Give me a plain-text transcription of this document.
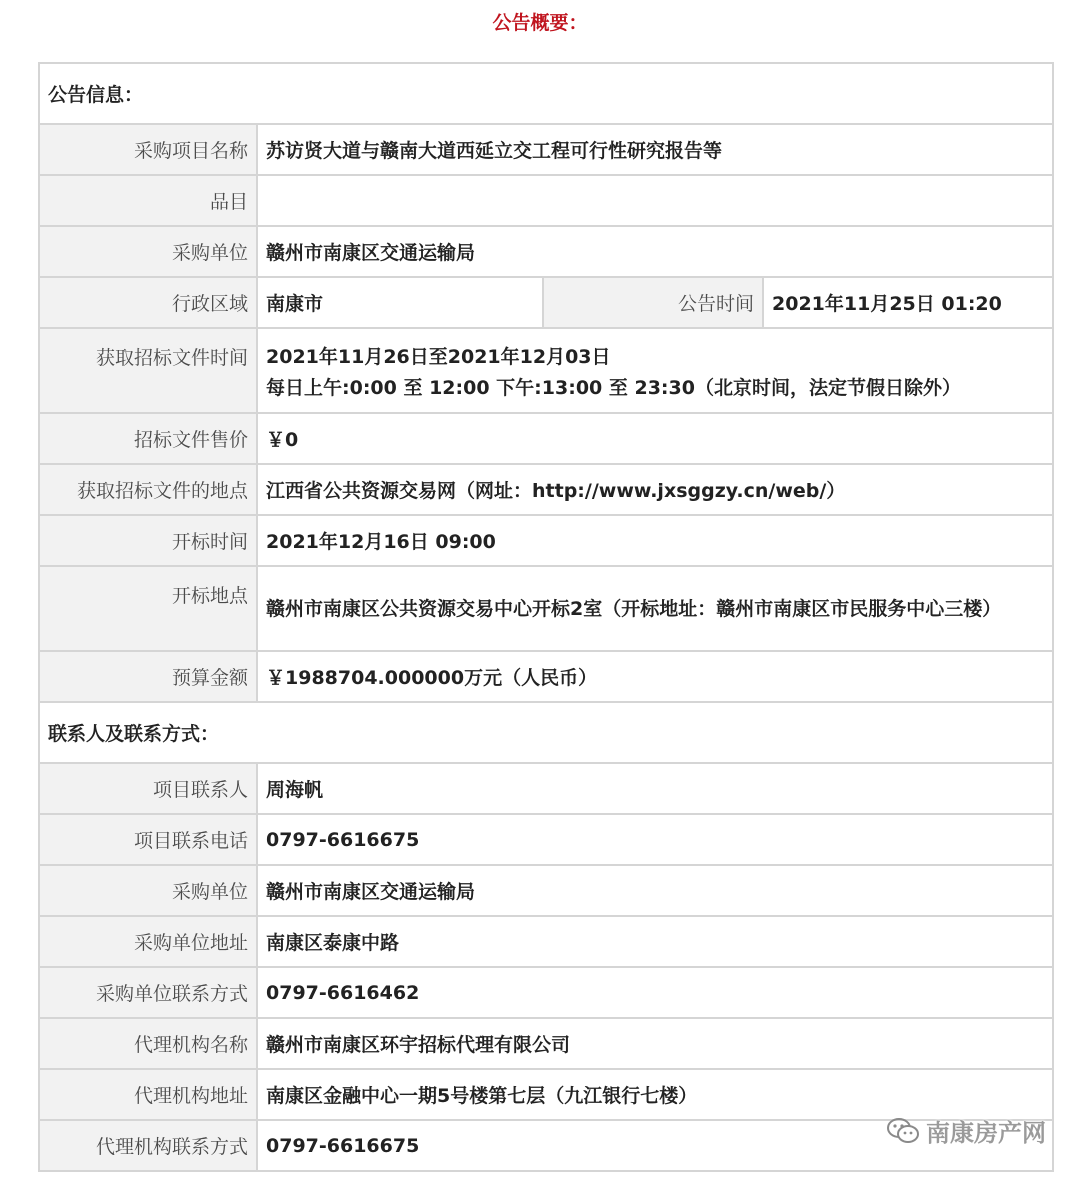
公告概要：
公告信息：			
采购项目名称	苏访贤大道与赣南大道西延立交工程可行性研究报告等		
品目			
采购单位	赣州市南康区交通运输局		
行政区域	南康市	公告时间	2021年11月25日 01:20
获取招标文件时间	2021年11月26日至2021年12月03日
每日上午:0:00 至 12:00 下午:13:00 至 23:30（北京时间，法定节假日除外）		

招标文件售价	￥0		
获取招标文件的地点	江西省公共资源交易网（网址：http://www.jxsggzy.cn/web/）		
开标时间	2021年12月16日 09:00		
开标地点	赣州市南康区公共资源交易中心开标2室（开标地址：赣州市南康区市民服务中心三楼）		
预算金额	￥1988704.000000万元（人民币）		
联系人及联系方式：			
项目联系人	周海帆		
项目联系电话	0797-6616675		
采购单位	赣州市南康区交通运输局		
采购单位地址	南康区泰康中路		
采购单位联系方式	0797-6616462		
代理机构名称	赣州市南康区环宇招标代理有限公司		
代理机构地址	南康区金融中心一期5号楼第七层（九江银行七楼）		
代理机构联系方式	0797-6616675			南康房产网
